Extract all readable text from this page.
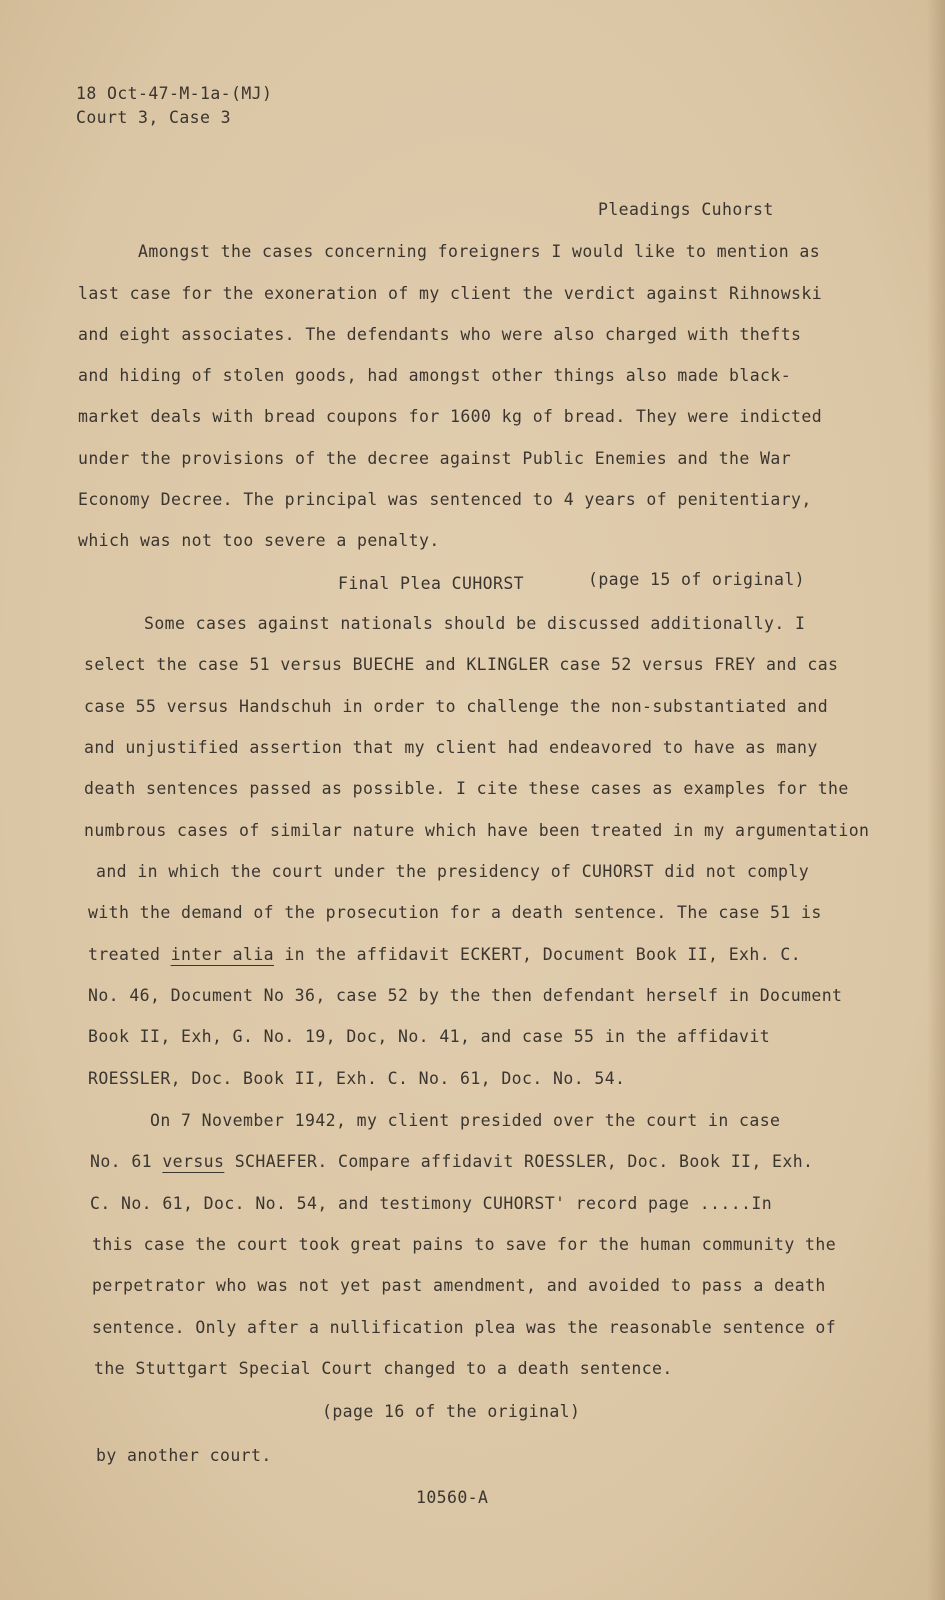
18 Oct-47-M-1a-(MJ)
Court 3, Case 3
Pleadings Cuhorst
Amongst the cases concerning foreigners I would like to mention as
last case for the exoneration of my client the verdict against Rihnowski
and eight associates. The defendants who were also charged with thefts
and hiding of stolen goods, had amongst other things also made black-
market deals with bread coupons for 1600 kg of bread. They were indicted
under the provisions of the decree against Public Enemies and the War
Economy Decree. The principal was sentenced to 4 years of penitentiary,
which was not too severe a penalty.
Final Plea CUHORST	(page 15 of original)
Some cases against nationals should be discussed additionally. I
select the case 51 versus BUECHE and KLINGLER case 52 versus FREY and cas
case 55 versus Handschuh in order to challenge the non-substantiated and
and unjustified assertion that my client had endeavored to have as many
death sentences passed as possible. I cite these cases as examples for the
numbrous cases of similar nature which have been treated in my argumentation
and in which the court under the presidency of CUHORST did not comply
with the demand of the prosecution for a death sentence. The case 51 is
treated inter alia in the affidavit ECKERT, Document Book II, Exh. C.
No. 46, Document No 36, case 52 by the then defendant herself in Document
Book II, Exh, G. No. 19, Doc, No. 41, and case 55 in the affidavit
ROESSLER, Doc. Book II, Exh. C. No. 61, Doc. No. 54.
On 7 November 1942, my client presided over the court in case
No. 61 versus SCHAEFER. Compare affidavit ROESSLER, Doc. Book II, Exh.
C. No. 61, Doc. No. 54, and testimony CUHORST' record page .....In
this case the court took great pains to save for the human community the
perpetrator who was not yet past amendment, and avoided to pass a death
sentence. Only after a nullification plea was the reasonable sentence of
the Stuttgart Special Court changed to a death sentence.
(page 16 of the original)
by another court.
10560-A
